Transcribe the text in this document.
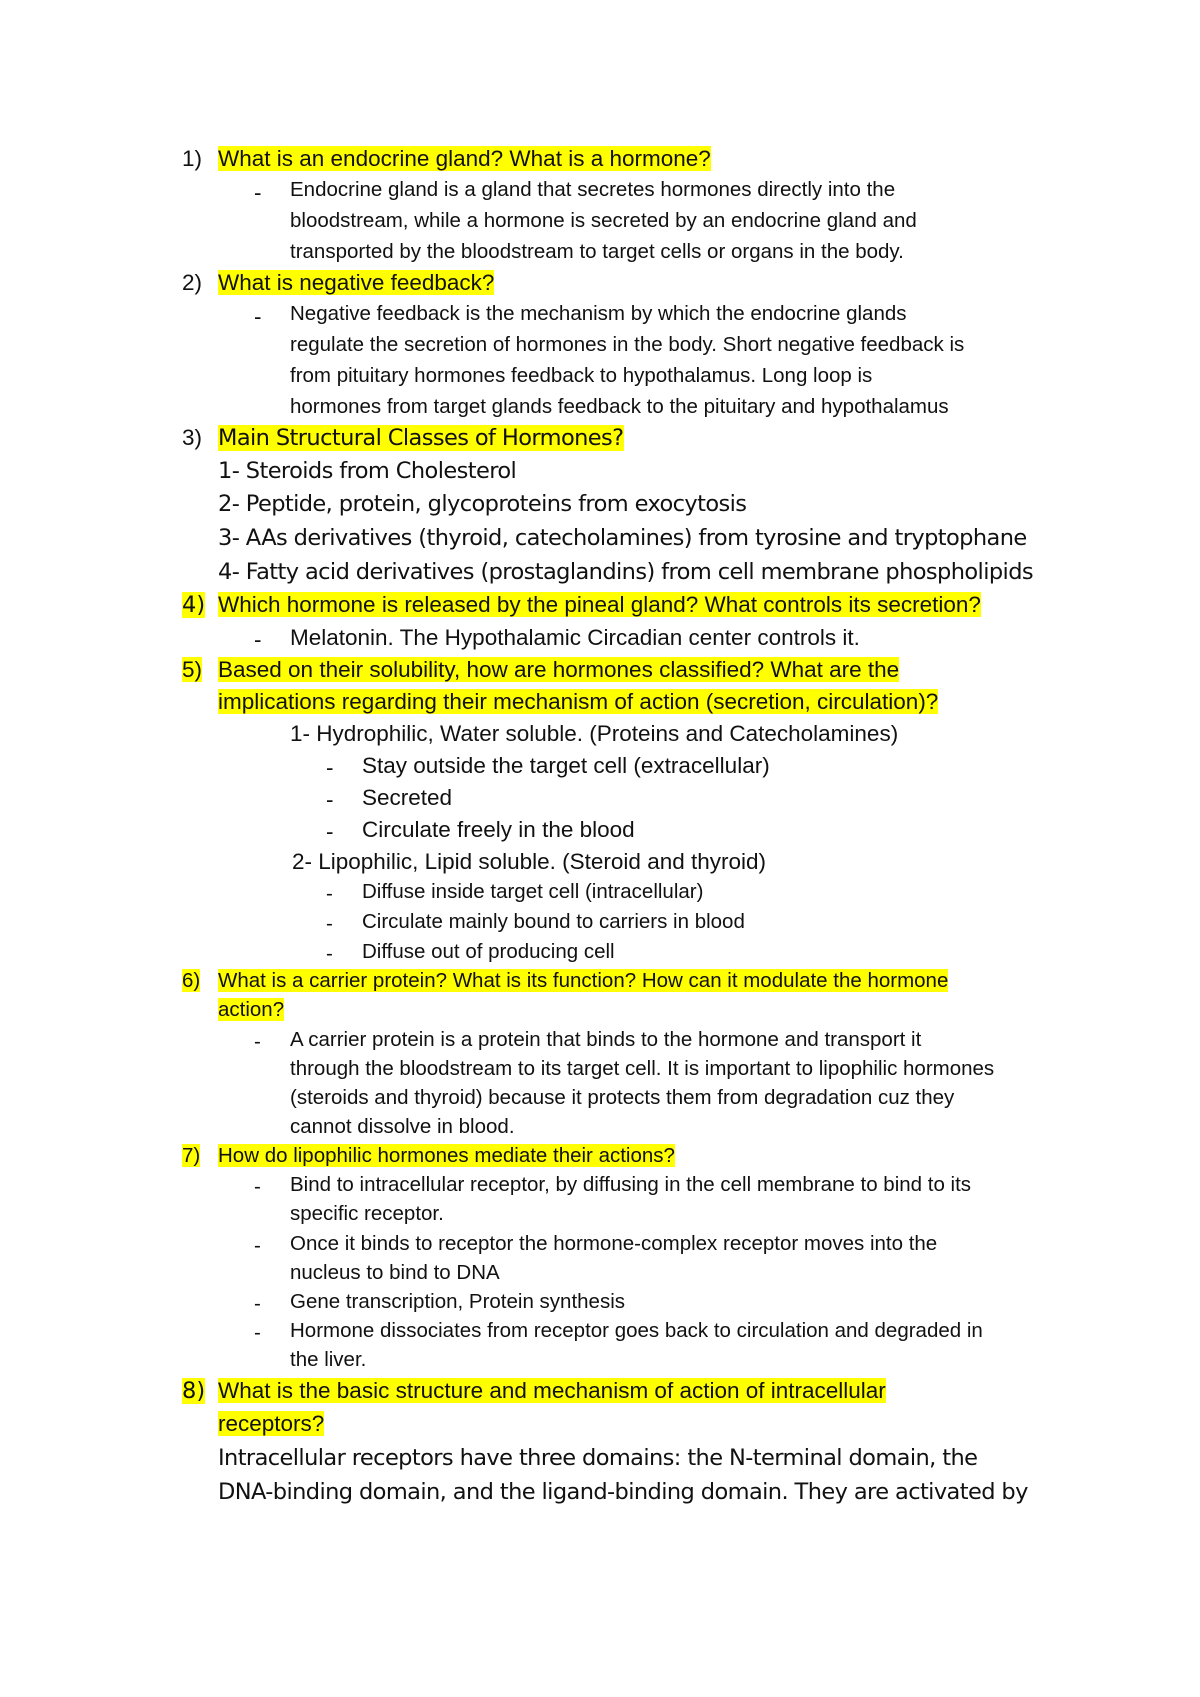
1) What is an endocrine gland? What is a hormone?
- Endocrine gland is a gland that secretes hormones directly into the
bloodstream, while a hormone is secreted by an endocrine gland and
transported by the bloodstream to target cells or organs in the body.
2) What is negative feedback?
- Negative feedback is the mechanism by which the endocrine glands
regulate the secretion of hormones in the body. Short negative feedback is
from pituitary hormones feedback to hypothalamus. Long loop is
hormones from target glands feedback to the pituitary and hypothalamus
3) Main Structural Classes of Hormones?
1- Steroids from Cholesterol
2- Peptide, protein, glycoproteins from exocytosis
3- AAs derivatives (thyroid, catecholamines) from tyrosine and tryptophane
4- Fatty acid derivatives (prostaglandins) from cell membrane phospholipids
4) Which hormone is released by the pineal gland? What controls its secretion?
- Melatonin. The Hypothalamic Circadian center controls it.
5) Based on their solubility, how are hormones classified? What are the
implications regarding their mechanism of action (secretion, circulation)?
1- Hydrophilic, Water soluble. (Proteins and Catecholamines)
- Stay outside the target cell (extracellular)
- Secreted
- Circulate freely in the blood
2- Lipophilic, Lipid soluble. (Steroid and thyroid)
- Diffuse inside target cell (intracellular)
- Circulate mainly bound to carriers in blood
- Diffuse out of producing cell
6) What is a carrier protein? What is its function? How can it modulate the hormone
action?
- A carrier protein is a protein that binds to the hormone and transport it
through the bloodstream to its target cell. It is important to lipophilic hormones
(steroids and thyroid) because it protects them from degradation cuz they
cannot dissolve in blood.
7) How do lipophilic hormones mediate their actions?
- Bind to intracellular receptor, by diffusing in the cell membrane to bind to its
specific receptor.
- Once it binds to receptor the hormone-complex receptor moves into the
nucleus to bind to DNA
- Gene transcription, Protein synthesis
- Hormone dissociates from receptor goes back to circulation and degraded in
the liver.
8) What is the basic structure and mechanism of action of intracellular
receptors?
Intracellular receptors have three domains: the N-terminal domain, the
DNA-binding domain, and the ligand-binding domain. They are activated by
